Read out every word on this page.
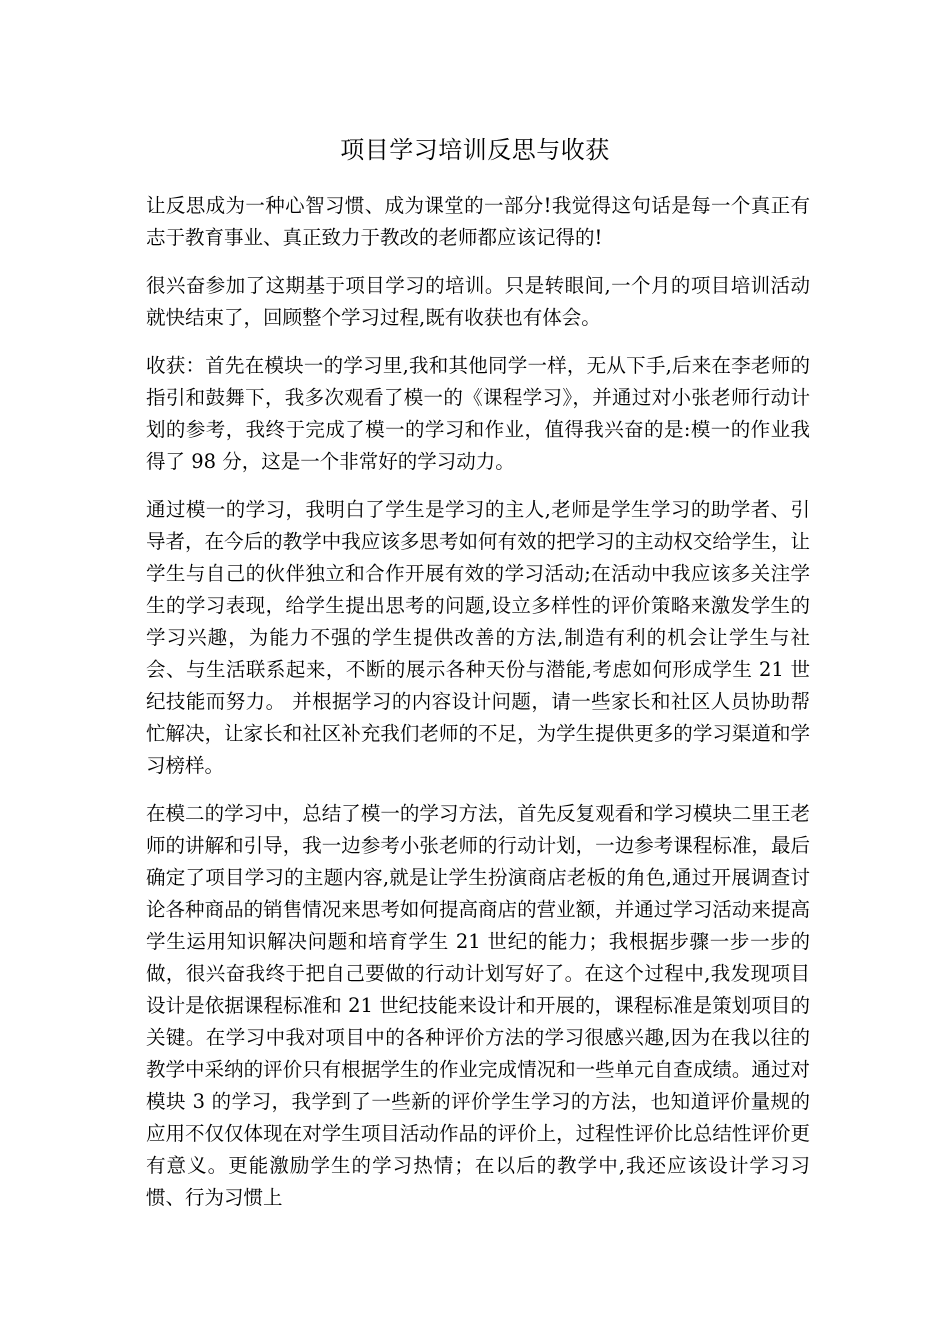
项目学习培训反思与收获

让反思成为一种心智习惯、成为课堂的一部分!我觉得这句话是每一个真正有志于教育事业、真正致力于教改的老师都应该记得的!

很兴奋参加了这期基于项目学习的培训。只是转眼间,一个月的项目培训活动就快结束了，回顾整个学习过程,既有收获也有体会。

收获：首先在模块一的学习里,我和其他同学一样，无从下手,后来在李老师的指引和鼓舞下，我多次观看了模一的《课程学习》，并通过对小张老师行动计划的参考，我终于完成了模一的学习和作业，值得我兴奋的是:模一的作业我得了 98 分，这是一个非常好的学习动力。

通过模一的学习，我明白了学生是学习的主人,老师是学生学习的助学者、引导者，在今后的教学中我应该多思考如何有效的把学习的主动权交给学生，让学生与自己的伙伴独立和合作开展有效的学习活动;在活动中我应该多关注学生的学习表现，给学生提出思考的问题,设立多样性的评价策略来激发学生的学习兴趣，为能力不强的学生提供改善的方法,制造有利的机会让学生与社会、与生活联系起来，不断的展示各种天份与潜能,考虑如何形成学生 21 世纪技能而努力。 并根据学习的内容设计问题，请一些家长和社区人员协助帮忙解决，让家长和社区补充我们老师的不足，为学生提供更多的学习渠道和学习榜样。

在模二的学习中，总结了模一的学习方法，首先反复观看和学习模块二里王老师的讲解和引导，我一边参考小张老师的行动计划，一边参考课程标准，最后确定了项目学习的主题内容,就是让学生扮演商店老板的角色,通过开展调查讨论各种商品的销售情况来思考如何提高商店的营业额，并通过学习活动来提高学生运用知识解决问题和培育学生 21 世纪的能力；我根据步骤一步一步的做，很兴奋我终于把自己要做的行动计划写好了。在这个过程中,我发现项目设计是依据课程标准和 21 世纪技能来设计和开展的，课程标准是策划项目的关键。在学习中我对项目中的各种评价方法的学习很感兴趣,因为在我以往的教学中采纳的评价只有根据学生的作业完成情况和一些单元自查成绩。通过对模块 3 的学习，我学到了一些新的评价学生学习的方法，也知道评价量规的应用不仅仅体现在对学生项目活动作品的评价上，过程性评价比总结性评价更有意义。更能激励学生的学习热情；在以后的教学中,我还应该设计学习习惯、行为习惯上
